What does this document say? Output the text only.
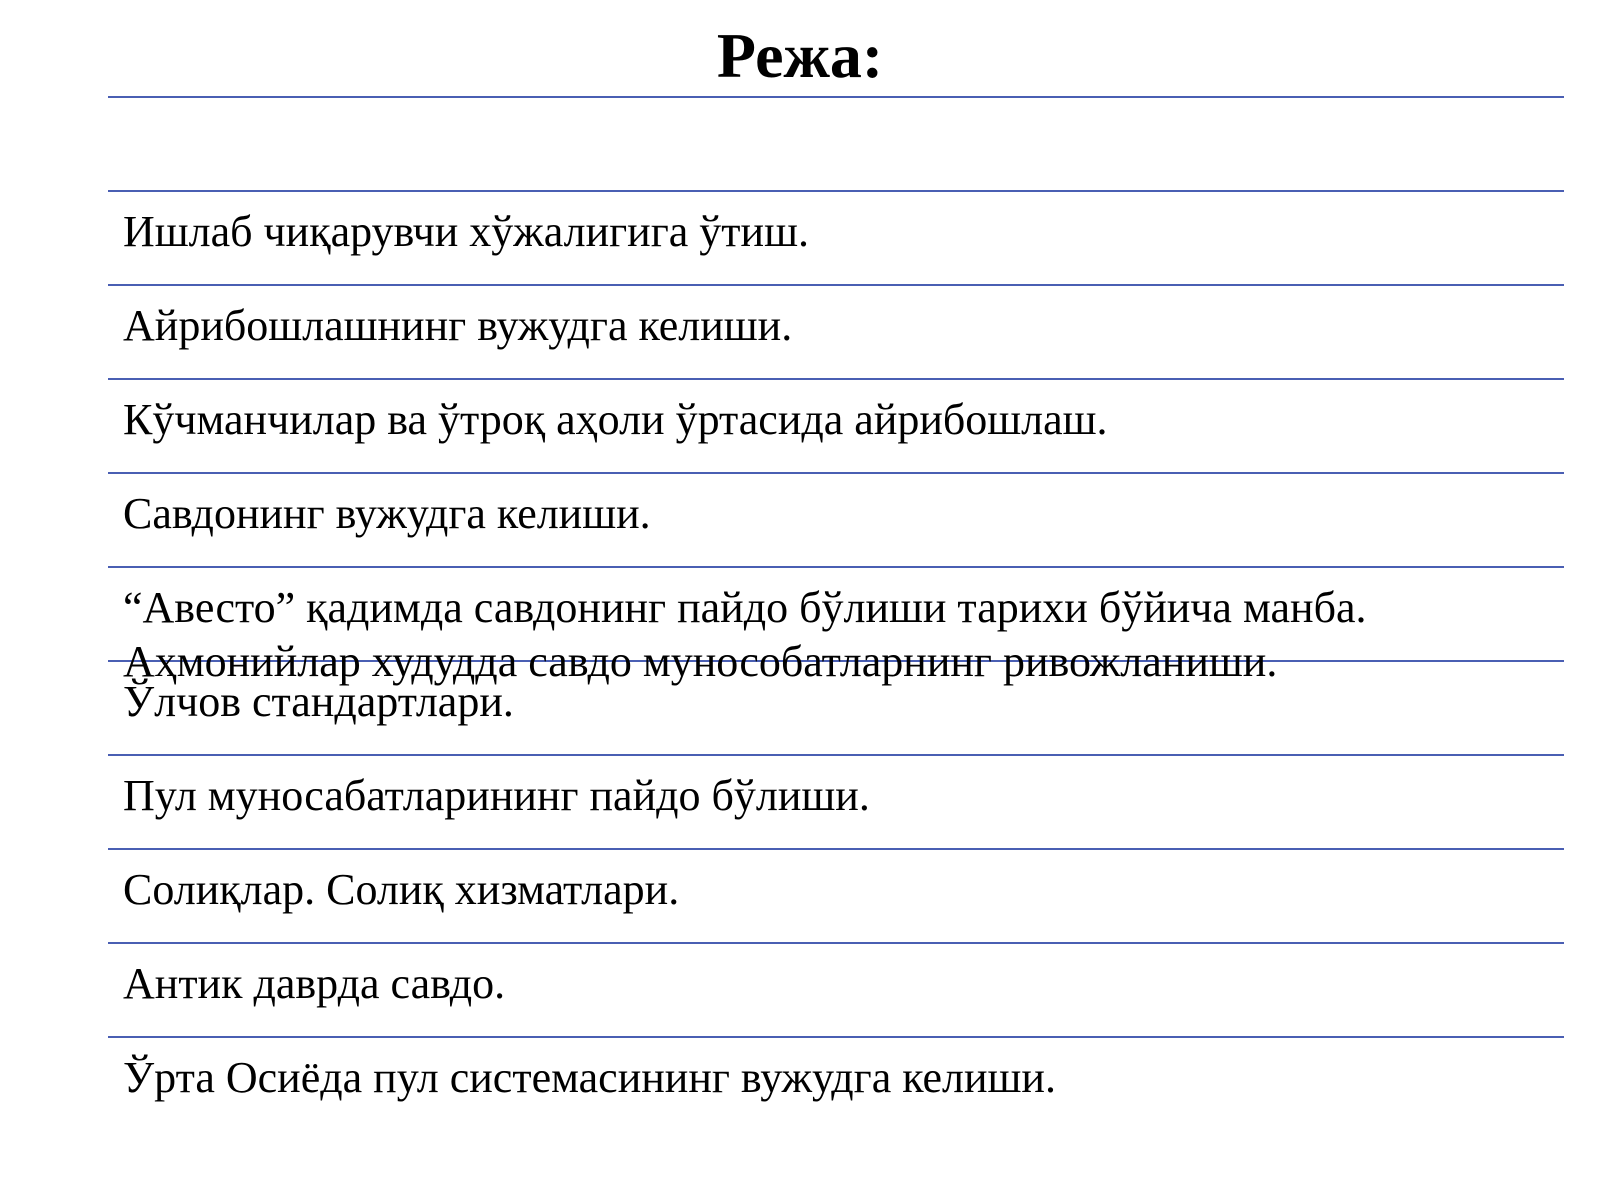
Режа:

Ишлаб чиқарувчи хўжалигига ўтиш.

Айрибошлашнинг вужудга келиши.

Кўчманчилар ва ўтроқ аҳоли ўртасида айрибошлаш.

Савдонинг вужудга келиши.

“Авесто” қадимда савдонинг пайдо бўлиши тарихи бўйича манба.

Аҳмонийлар худудда савдо мунособатларнинг ривожланиши.

Ўлчов стандартлари.

Пул муносабатларининг пайдо бўлиши.

Солиқлар. Солиқ хизматлари.

Антик даврда савдо.

Ўрта Осиёда пул системасининг вужудга келиши.
